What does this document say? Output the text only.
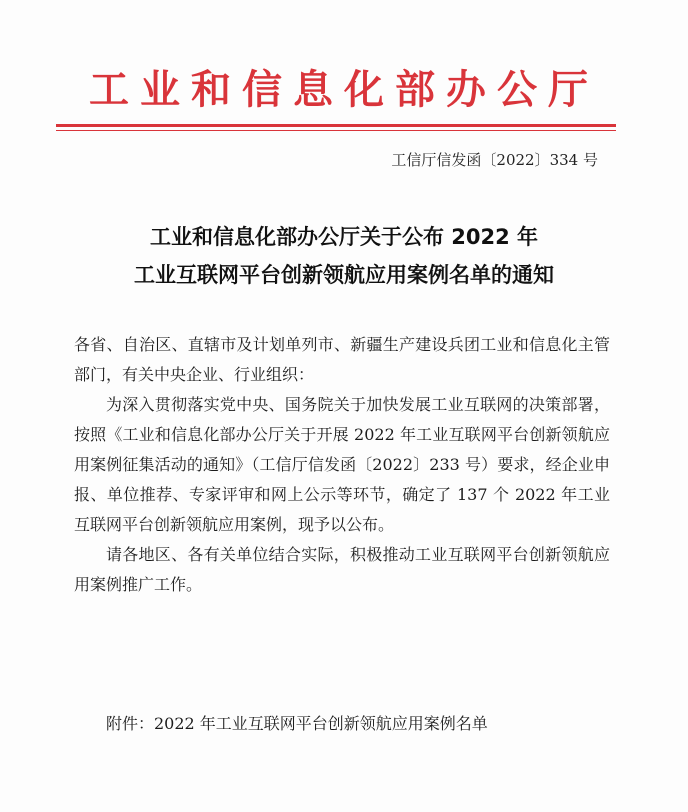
工业和信息化部办公厅
工信厅信发函〔2022〕334 号
工业和信息化部办公厅关于公布 2022 年
工业互联网平台创新领航应用案例名单的通知

各省、自治区、直辖市及计划单列市、新疆生产建设兵团工业和信息化主管部门，有关中央企业、行业组织：

为深入贯彻落实党中央、国务院关于加快发展工业互联网的决策部署，按照《工业和信息化部办公厅关于开展 2022 年工业互联网平台创新领航应用案例征集活动的通知》（工信厅信发函〔2022〕233 号）要求，经企业申报、单位推荐、专家评审和网上公示等环节，确定了 137 个 2022 年工业互联网平台创新领航应用案例，现予以公布。

请各地区、各有关单位结合实际，积极推动工业互联网平台创新领航应用案例推广工作。

附件：2022 年工业互联网平台创新领航应用案例名单
